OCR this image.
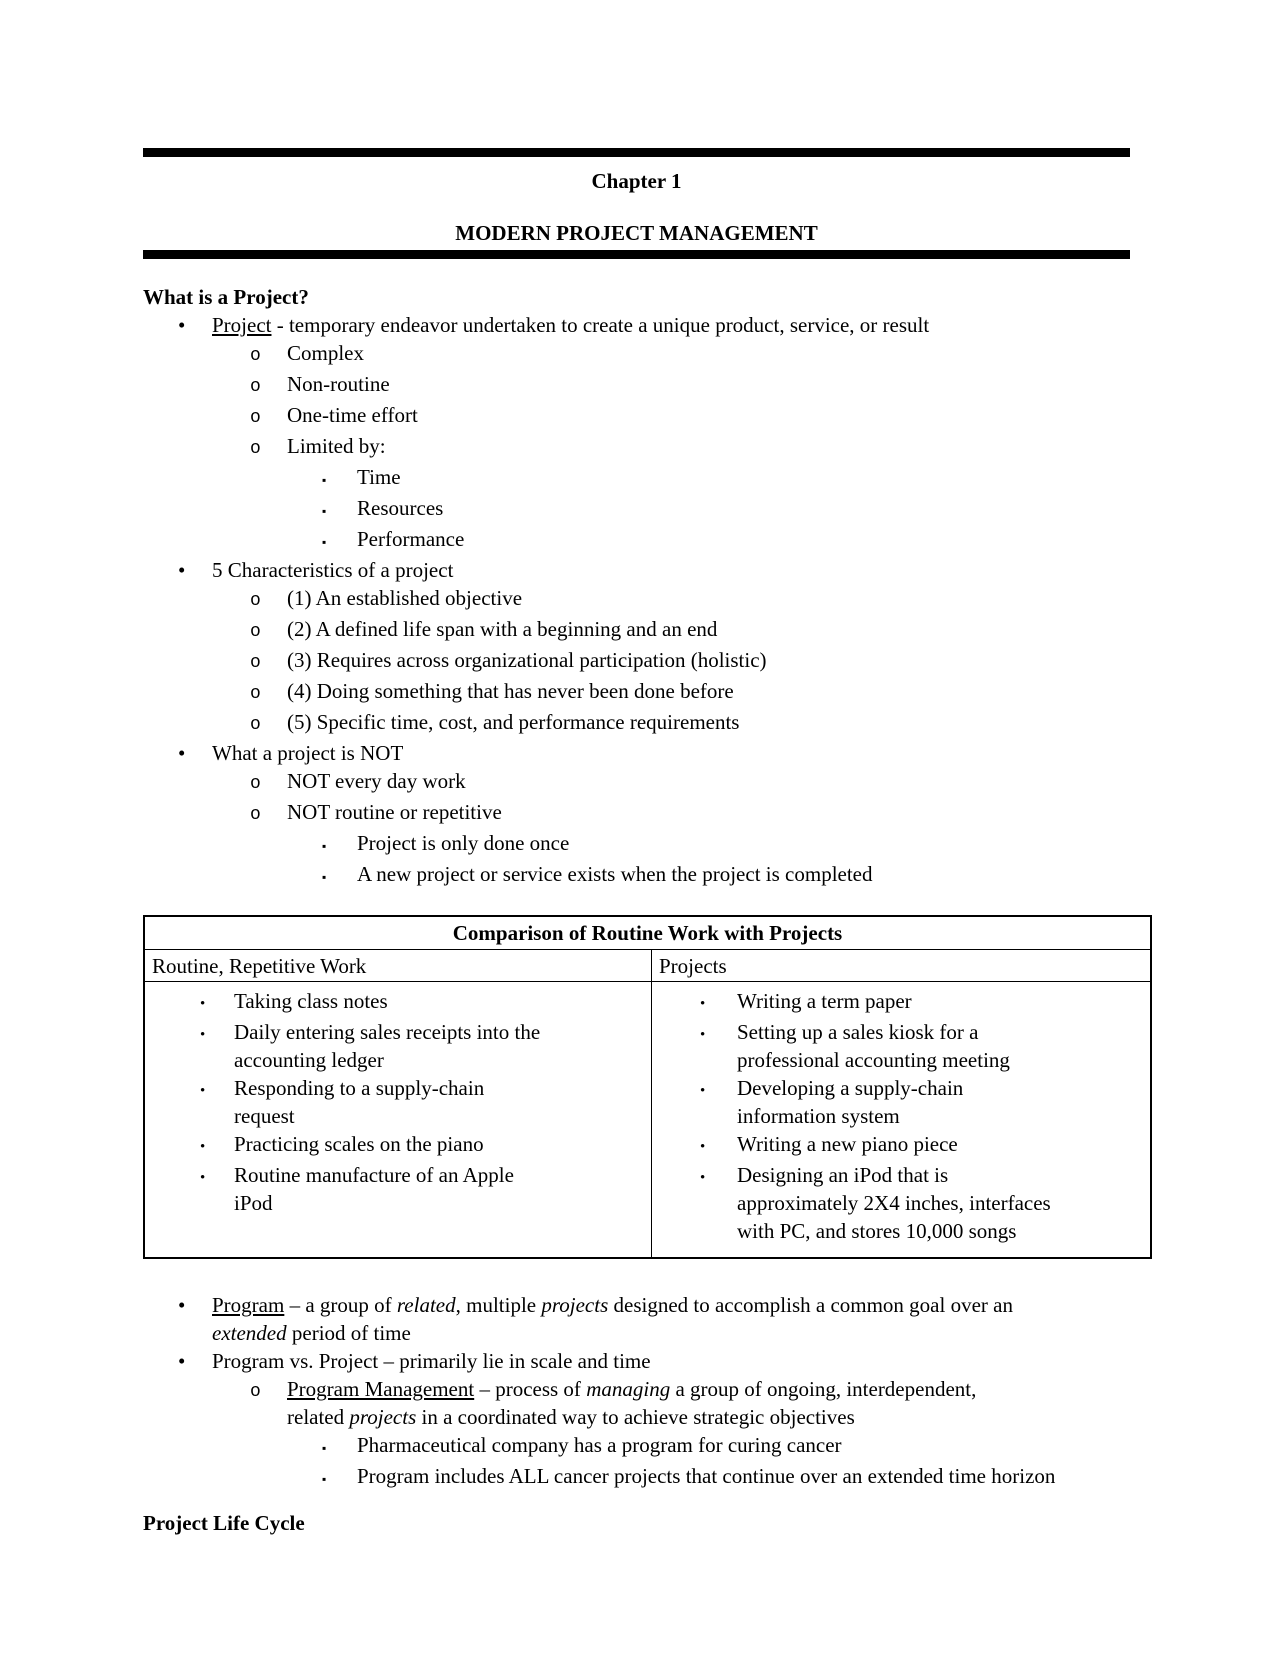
Chapter 1
MODERN PROJECT MANAGEMENT
What is a Project?
•	Project - temporary endeavor undertaken to create a unique product, service, or result
o	Complex
o	Non-routine
o	One-time effort
o	Limited by:
▪	Time
▪	Resources
▪	Performance
•	5 Characteristics of a project
o	(1) An established objective
o	(2) A defined life span with a beginning and an end
o	(3) Requires across organizational participation (holistic)
o	(4) Doing something that has never been done before
o	(5) Specific time, cost, and performance requirements
•	What a project is NOT
o	NOT every day work
o	NOT routine or repetitive
▪	Project is only done once
▪	A new project or service exists when the project is completed
Comparison of Routine Work with Projects
Routine, Repetitive Work	Projects
•	Taking class notes
•	Daily entering sales receipts into the accounting ledger
•	Responding to a supply-chain request
•	Practicing scales on the piano
•	Routine manufacture of an Apple iPod
•	Writing a term paper
•	Setting up a sales kiosk for a professional accounting meeting
•	Developing a supply-chain information system
•	Writing a new piano piece
•	Designing an iPod that is approximately 2X4 inches, interfaces with PC, and stores 10,000 songs
•	Program – a group of related, multiple projects designed to accomplish a common goal over an extended period of time
•	Program vs. Project – primarily lie in scale and time
o	Program Management – process of managing a group of ongoing, interdependent, related projects in a coordinated way to achieve strategic objectives
▪	Pharmaceutical company has a program for curing cancer
▪	Program includes ALL cancer projects that continue over an extended time horizon
Project Life Cycle
